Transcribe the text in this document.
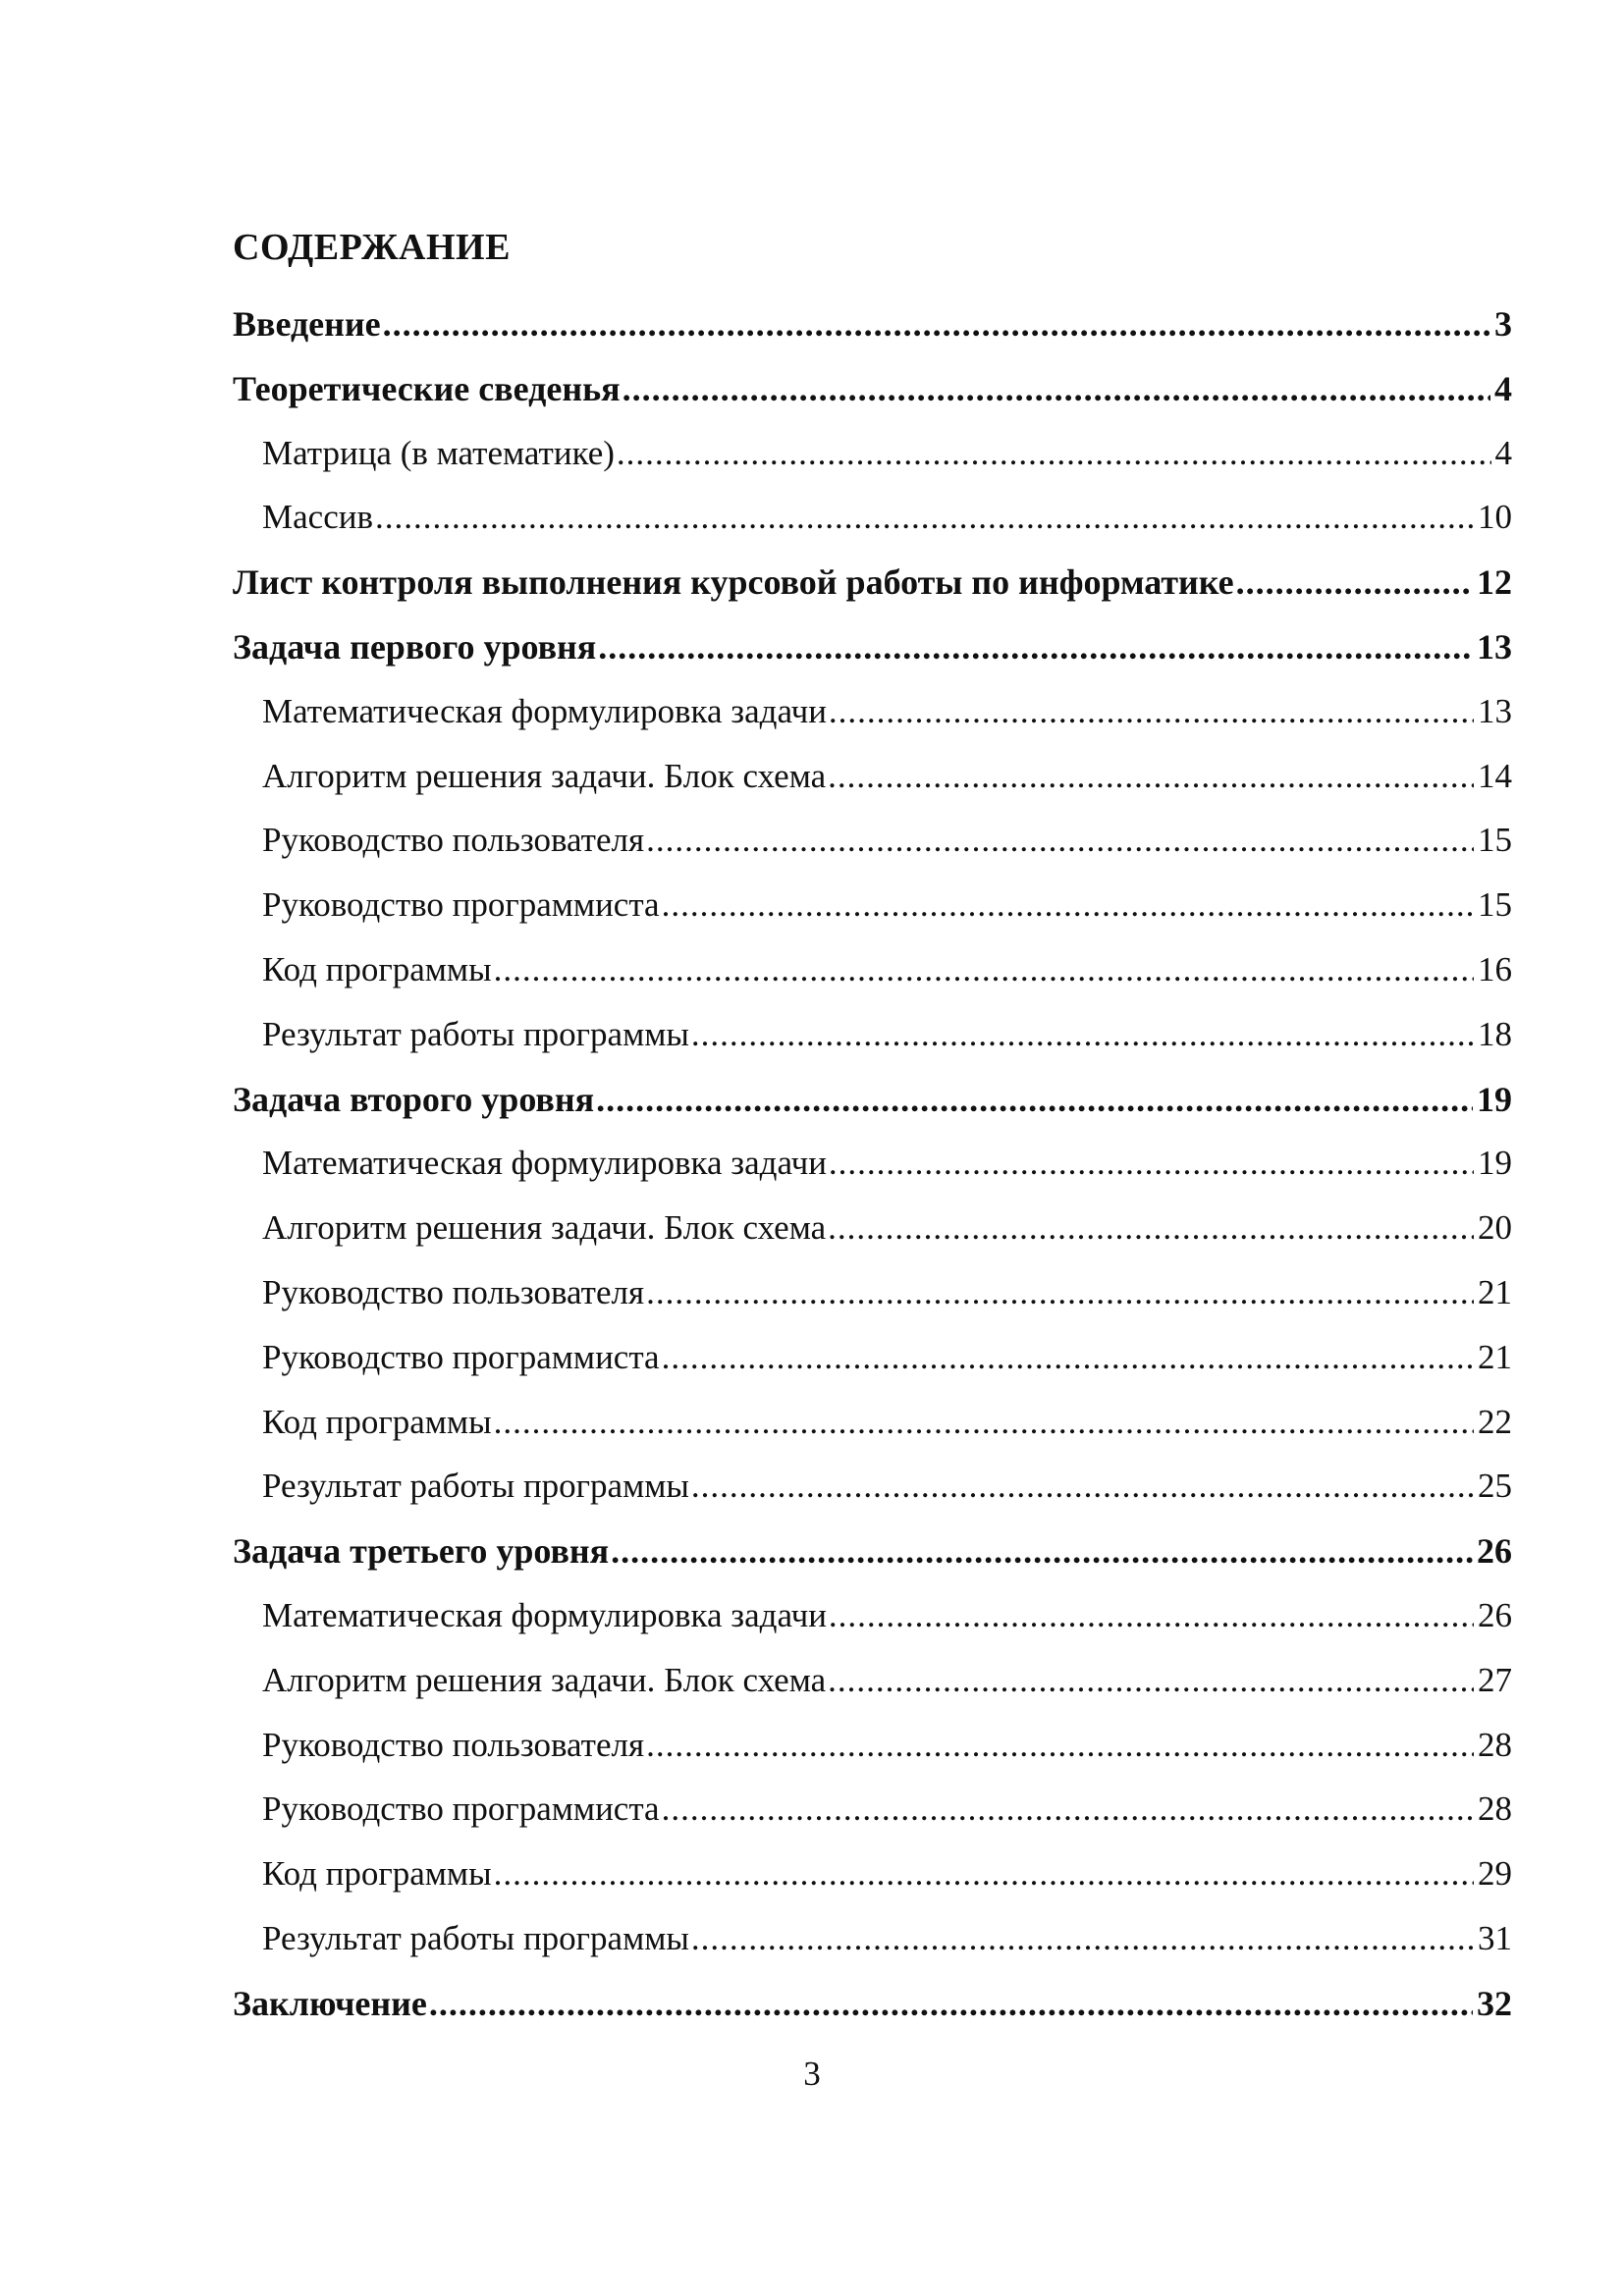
СОДЕРЖАНИЕ
Введение .....	3
Теоретические сведенья .....	4
Матрица (в математике) .....	4
Массив .....	10
Лист контроля выполнения курсовой работы по информатике .....	12
Задача первого уровня .....	13
Математическая формулировка задачи .....	13
Алгоритм решения задачи. Блок схема .....	14
Руководство пользователя .....	15
Руководство программиста .....	15
Код программы .....	16
Результат работы программы .....	18
Задача второго уровня .....	19
Математическая формулировка задачи .....	19
Алгоритм решения задачи. Блок схема .....	20
Руководство пользователя .....	21
Руководство программиста .....	21
Код программы .....	22
Результат работы программы .....	25
Задача третьего уровня .....	26
Математическая формулировка задачи .....	26
Алгоритм решения задачи. Блок схема .....	27
Руководство пользователя .....	28
Руководство программиста .....	28
Код программы .....	29
Результат работы программы .....	31
Заключение .....	32
3
